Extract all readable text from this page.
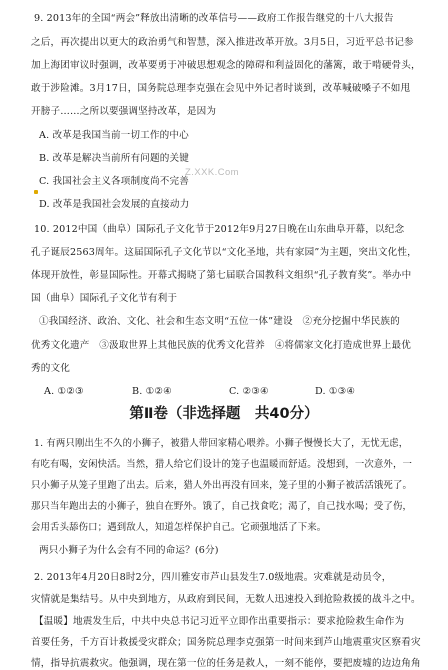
9. 2013年的全国“两会”释放出清晰的改革信号——政府工作报告继党的十八大报告
之后，再次提出以更大的政治勇气和智慧，深入推进改革开放。3月5日，习近平总书记参
加上海团审议时强调，改革要勇于冲破思想观念的障碍和利益固化的藩篱，敢于啃硬骨头，
敢于涉险滩。3月17日，国务院总理李克强在会见中外记者时谈到，改革喊破嗓子不如甩
开膀子……之所以要强调坚持改革，是因为
A. 改革是我国当前一切工作的中心
B. 改革是解决当前所有问题的关键
Z.XXK.Com
C. 我国社会主义各项制度尚不完善
D. 改革是我国社会发展的直接动力
10. 2012中国（曲阜）国际孔子文化节于2012年9月27日晚在山东曲阜开幕，以纪念
孔子诞辰2563周年。这届国际孔子文化节以“文化圣地，共有家园”为主题，突出文化性，
体现开放性，彰显国际性。开幕式揭晓了第七届联合国教科文组织“孔子教育奖”。举办中
国（曲阜）国际孔子文化节有利于
①我国经济、政治、文化、社会和生态文明“五位一体”建设　②充分挖掘中华民族的
优秀文化遗产　③汲取世界上其他民族的优秀文化营养　④将儒家文化打造成世界上最优
秀的文化
A. ①②③	B. ①②④	C. ②③④	D. ①③④
第Ⅱ卷（非选择题　共40分）
1. 有两只刚出生不久的小狮子，被猎人带回家精心喂养。小狮子慢慢长大了，无忧无虑，
有吃有喝，安闲快活。当然，猎人给它们设计的笼子也温暖而舒适。没想到，一次意外，一
只小狮子从笼子里跑了出去。后来，猎人外出再没有回来，笼子里的小狮子被活活饿死了。
那只当年跑出去的小狮子，独自在野外。饿了，自己找食吃；渴了，自己找水喝；受了伤，
会用舌头舔伤口；遇到敌人，知道怎样保护自己。它顽强地活了下来。
两只小狮子为什么会有不同的命运？(6分)
2. 2013年4月20日8时2分，四川雅安市芦山县发生7.0级地震。灾难就是动员令，
灾情就是集结号。从中央到地方，从政府到民间，无数人迅速投入到抢险救援的战斗之中。
【温暖】地震发生后，中共中央总书记习近平立即作出重要指示：要求抢险救生命作为
首要任务，千方百计救援受灾群众；国务院总理李克强第一时间来到芦山地震重灾区察看灾
情，指导抗震救灾。他强调，现在第一位的任务是救人，一刻不能停，要把废墟的边边角角
